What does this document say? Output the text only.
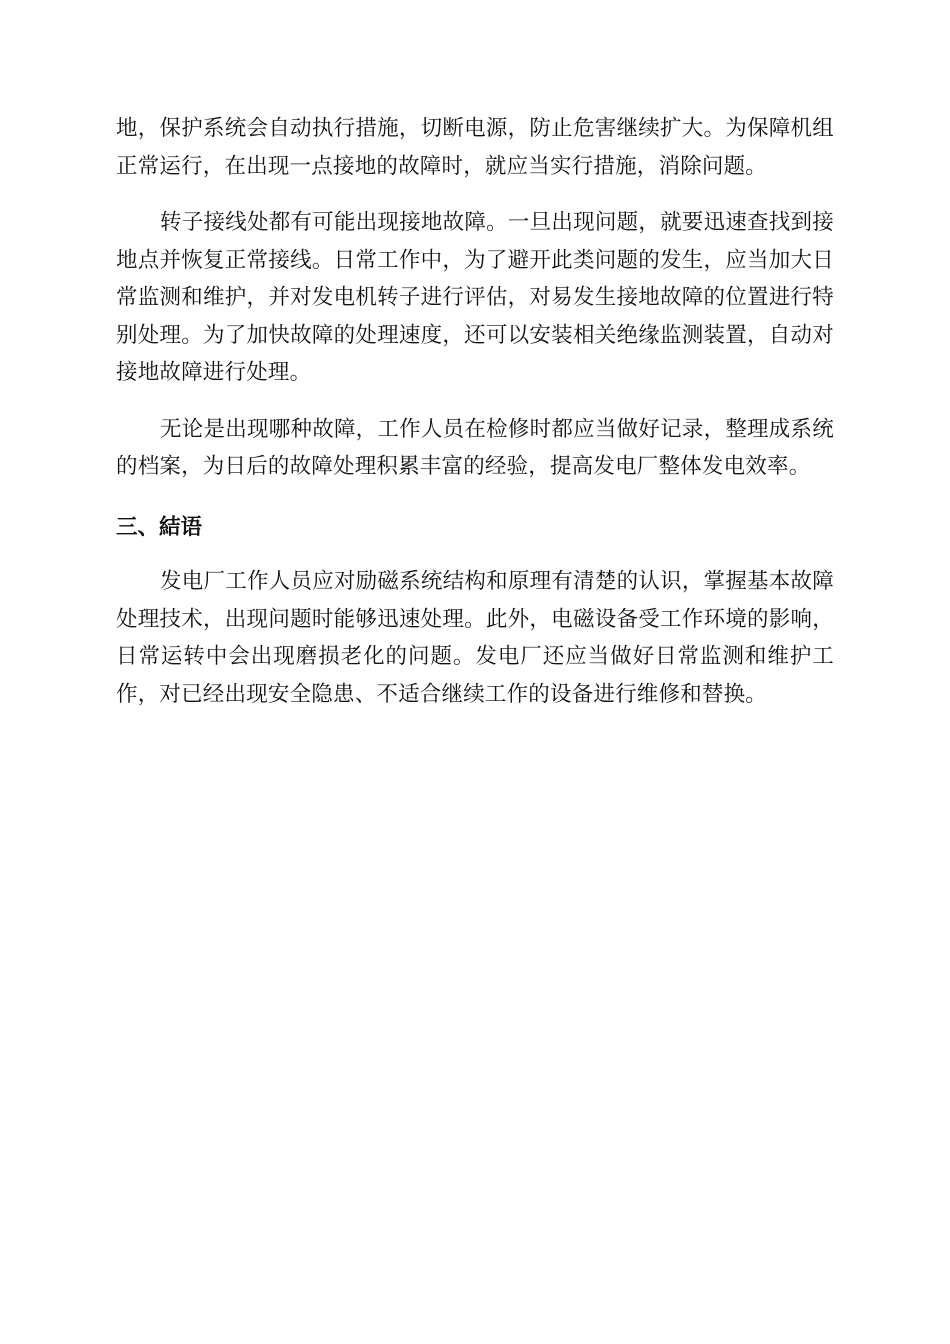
地，保护系统会自动执行措施，切断电源，防止危害继续扩大。为保障机组正常运行，在出现一点接地的故障时，就应当实行措施，消除问题。

转子接线处都有可能出现接地故障。一旦出现问题，就要迅速查找到接地点并恢复正常接线。日常工作中，为了避开此类问题的发生，应当加大日常监测和维护，并对发电机转子进行评估，对易发生接地故障的位置进行特别处理。为了加快故障的处理速度，还可以安装相关绝缘监测装置，自动对接地故障进行处理。

无论是出现哪种故障，工作人员在检修时都应当做好记录，整理成系统的档案，为日后的故障处理积累丰富的经验，提高发电厂整体发电效率。

三、結语

发电厂工作人员应对励磁系统结构和原理有清楚的认识，掌握基本故障处理技术，出现问题时能够迅速处理。此外，电磁设备受工作环境的影响，日常运转中会出现磨损老化的问题。发电厂还应当做好日常监测和维护工作，对已经出现安全隐患、不适合继续工作的设备进行维修和替换。
